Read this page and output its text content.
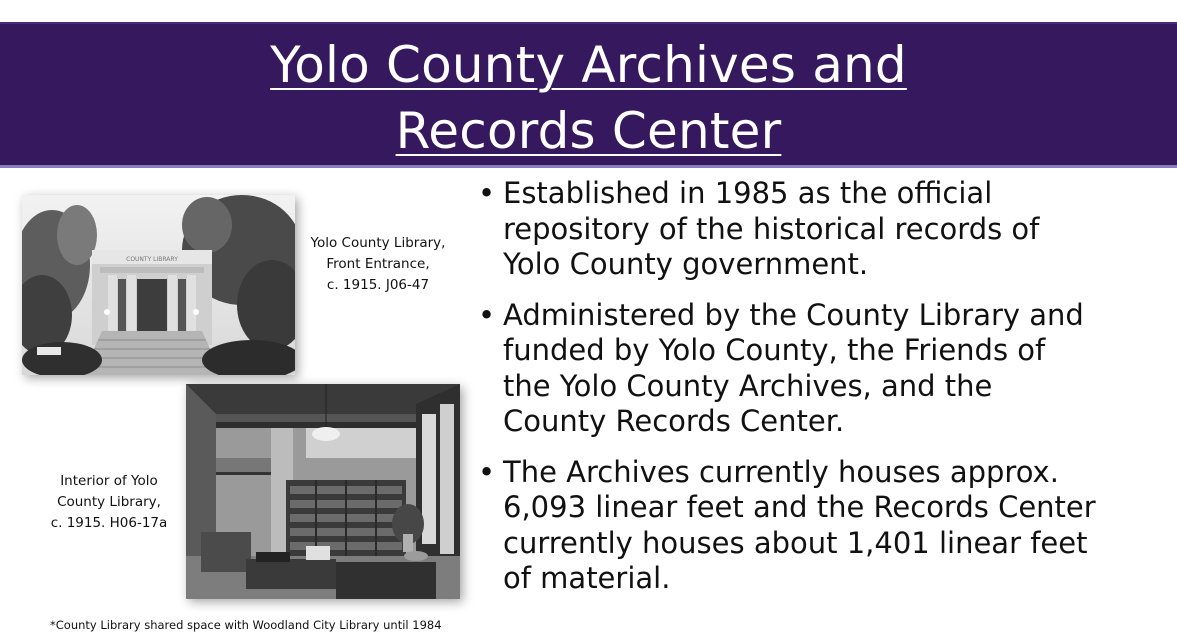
Yolo County Archives and
Records Center
COUNTY LIBRARY
Yolo County Library,
Front Entrance,
c. 1915. J06-47
Interior of Yolo
County Library,
c. 1915. H06-17a
*County Library shared space with Woodland City Library until 1984
• Established in 1985 as the official
repository of the historical records of
Yolo County government.
• Administered by the County Library and
funded by Yolo County, the Friends of
the Yolo County Archives, and the
County Records Center.
• The Archives currently houses approx.
6,093 linear feet and the Records Center
currently houses about 1,401 linear feet
of material.
